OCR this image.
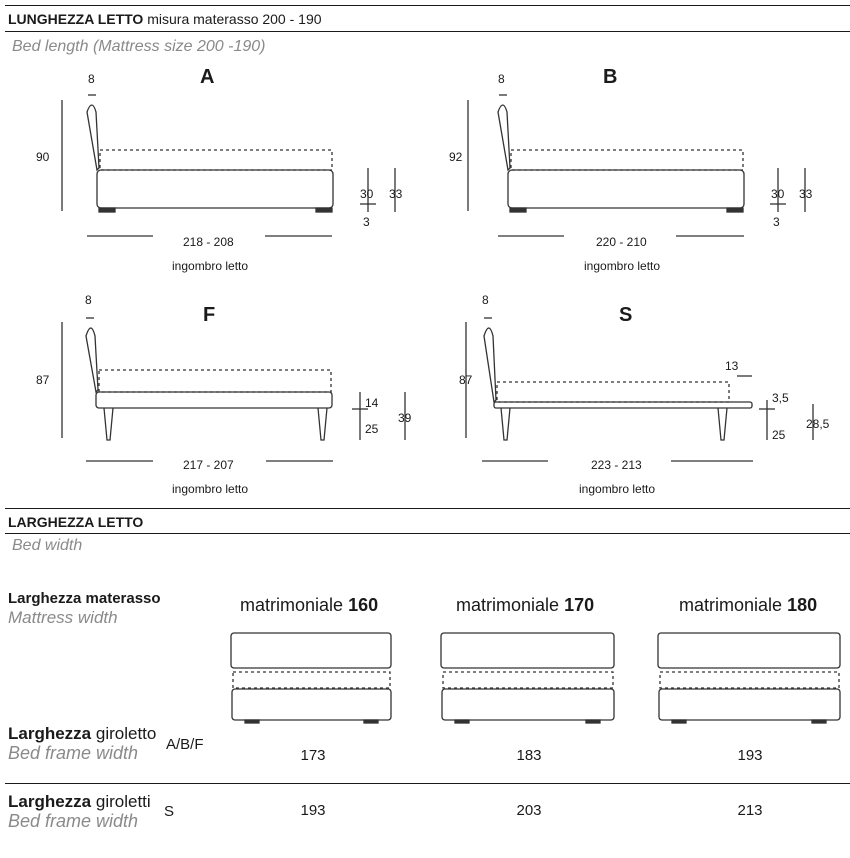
LUNGHEZZA LETTO misura materasso 200 - 190
Bed length (Mattress size 200 -190)
A
8
90
30
3
33
218 - 208
ingombro letto
B
8
92
30
3
33
220 - 210
ingombro letto
F
8
87
14
25
39
217 - 207
ingombro letto
S
8
87
13
3,5
25
28,5
223 - 213
ingombro letto
LARGHEZZA LETTO
Bed width
Larghezza materasso
Mattress width
matrimoniale 160	matrimoniale 170	matrimoniale 180
Larghezza giroletto
Bed frame width A/B/F
173	183	193
Larghezza giroletti
Bed frame width S	193	203	213
